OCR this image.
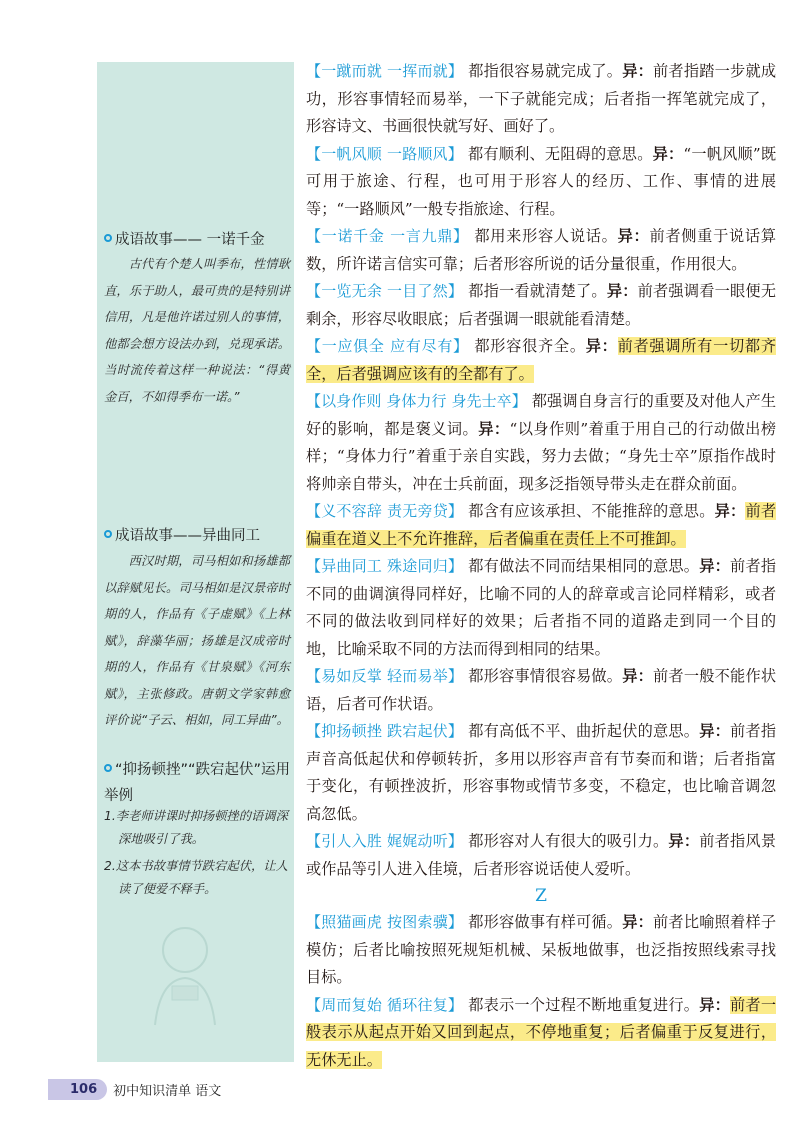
成语故事—— 一诺千金

古代有个楚人叫季布，性情耿直，乐于助人，最可贵的是特别讲信用，凡是他许诺过别人的事情，他都会想方设法办到，兑现承诺。当时流传着这样一种说法：“得黄金百，不如得季布一诺。”

成语故事——异曲同工

西汉时期，司马相如和扬雄都以辞赋见长。司马相如是汉景帝时期的人，作品有《子虚赋》《上林赋》，辞藻华丽；扬雄是汉成帝时期的人，作品有《甘泉赋》《河东赋》，主张修政。唐朝文学家韩愈评价说“子云、相如，同工异曲”。

“抑扬顿挫”“跌宕起伏”运用举例
1.李老师讲课时抑扬顿挫的语调深深地吸引了我。
2.这本书故事情节跌宕起伏，让人读了便爱不释手。

【一蹴而就 一挥而就】 都指很容易就完成了。异：前者指踏一步就成功，形容事情轻而易举，一下子就能完成；后者指一挥笔就完成了，形容诗文、书画很快就写好、画好了。

【一帆风顺 一路顺风】 都有顺利、无阻碍的意思。异：“一帆风顺”既可用于旅途、行程，也可用于形容人的经历、工作、事情的进展等；“一路顺风”一般专指旅途、行程。

【一诺千金 一言九鼎】 都用来形容人说话。异：前者侧重于说话算数，所许诺言信实可靠；后者形容所说的话分量很重，作用很大。

【一览无余 一目了然】 都指一看就清楚了。异：前者强调看一眼便无剩余，形容尽收眼底；后者强调一眼就能看清楚。

【一应俱全 应有尽有】 都形容很齐全。异：前者强调所有一切都齐全，后者强调应该有的全都有了。

【以身作则 身体力行 身先士卒】 都强调自身言行的重要及对他人产生好的影响，都是褒义词。异：“以身作则”着重于用自己的行动做出榜样；“身体力行”着重于亲自实践，努力去做；“身先士卒”原指作战时将帅亲自带头，冲在士兵前面，现多泛指领导带头走在群众前面。

【义不容辞 责无旁贷】 都含有应该承担、不能推辞的意思。异：前者偏重在道义上不允许推辞，后者偏重在责任上不可推卸。

【异曲同工 殊途同归】 都有做法不同而结果相同的意思。异：前者指不同的曲调演得同样好，比喻不同的人的辞章或言论同样精彩，或者不同的做法收到同样好的效果；后者指不同的道路走到同一个目的地，比喻采取不同的方法而得到相同的结果。

【易如反掌 轻而易举】 都形容事情很容易做。异：前者一般不能作状语，后者可作状语。

【抑扬顿挫 跌宕起伏】 都有高低不平、曲折起伏的意思。异：前者指声音高低起伏和停顿转折，多用以形容声音有节奏而和谐；后者指富于变化，有顿挫波折，形容事物或情节多变，不稳定，也比喻音调忽高忽低。

【引人入胜 娓娓动听】 都形容对人有很大的吸引力。异：前者指风景或作品等引人进入佳境，后者形容说话使人爱听。

Z

【照猫画虎 按图索骥】 都形容做事有样可循。异：前者比喻照着样子模仿；后者比喻按照死规矩机械、呆板地做事，也泛指按照线索寻找目标。

【周而复始 循环往复】 都表示一个过程不断地重复进行。异：前者一般表示从起点开始又回到起点，不停地重复；后者偏重于反复进行，无休无止。

106	初中知识清单 语文
